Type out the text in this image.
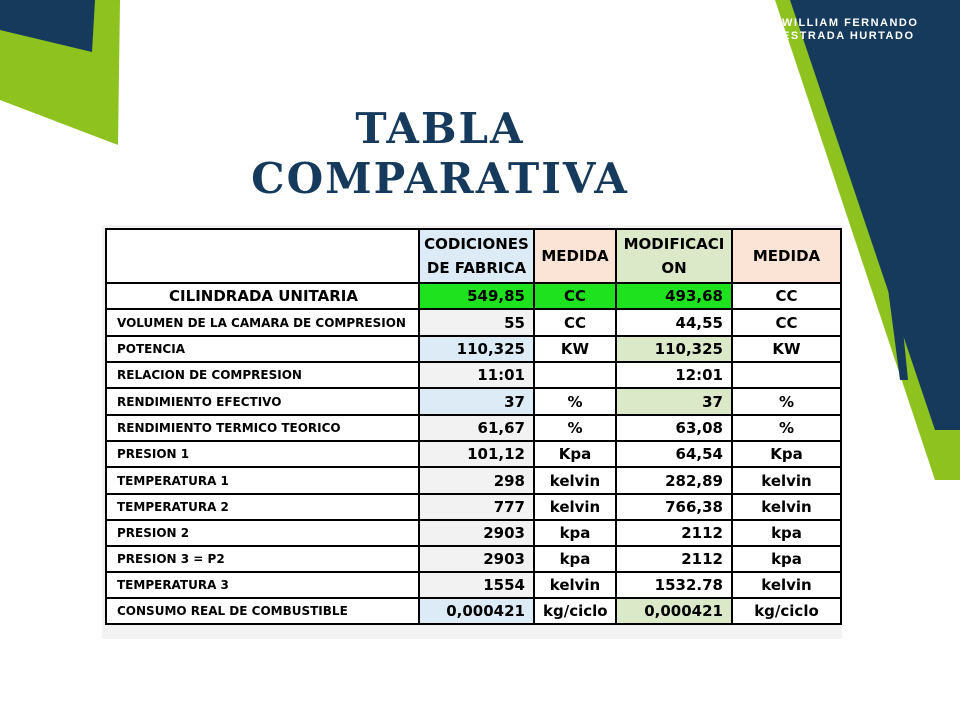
WILLIAM FERNANDO ESTRADA HURTADO
TABLA
COMPARATIVA
	CODICIONES DE FABRICA	MEDIDA	MODIFICACI ON	MEDIDA
CILINDRADA UNITARIA	549,85	CC	493,68	CC
VOLUMEN DE LA CAMARA DE COMPRESION	55	CC	44,55	CC
POTENCIA	110,325	KW	110,325	KW
RELACION DE COMPRESION	11:01		12:01	
RENDIMIENTO EFECTIVO	37	%	37	%
RENDIMIENTO TERMICO TEORICO	61,67	%	63,08	%
PRESION 1	101,12	Kpa	64,54	Kpa
TEMPERATURA 1	298	kelvin	282,89	kelvin
TEMPERATURA 2	777	kelvin	766,38	kelvin
PRESION 2	2903	kpa	2112	kpa
PRESION 3 = P2	2903	kpa	2112	kpa
TEMPERATURA 3	1554	kelvin	1532.78	kelvin
CONSUMO REAL DE COMBUSTIBLE	0,000421	kg/ciclo	0,000421	kg/ciclo
